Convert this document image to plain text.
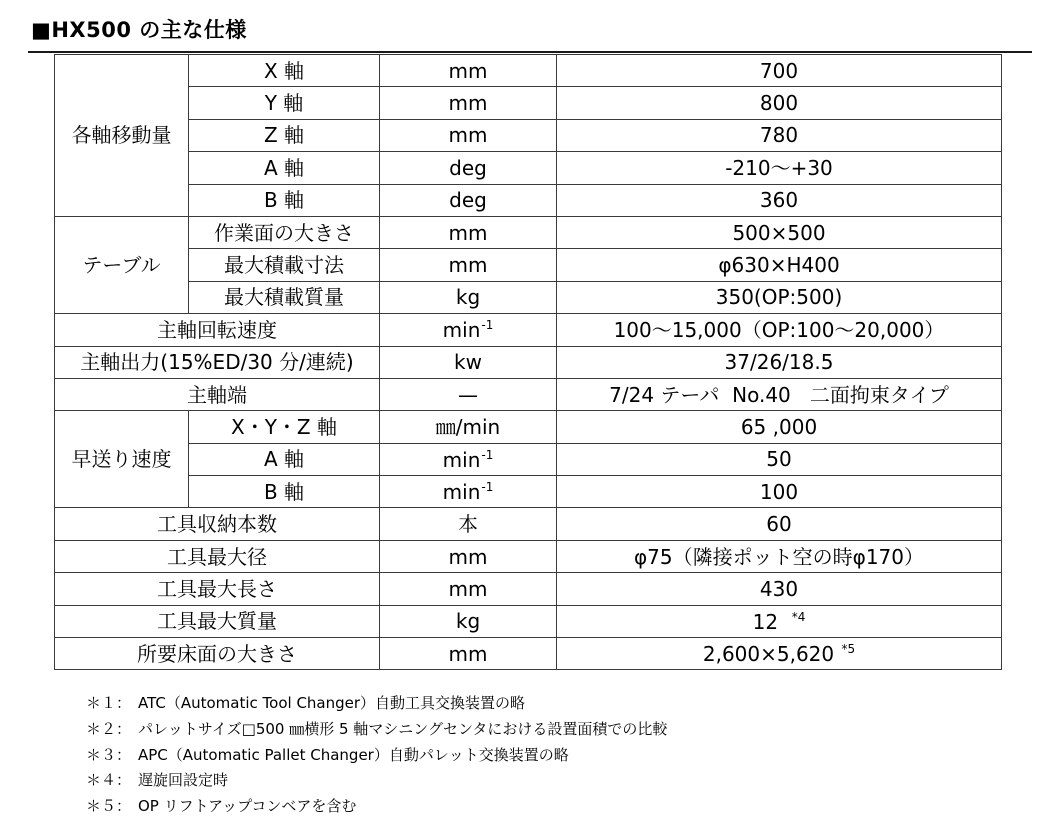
■HX500 の主な仕様
各軸移動量	X 軸	mm	700
	Y 軸	mm	800
	Z 軸	mm	780
	A 軸	deg	-210〜+30
	B 軸	deg	360
テーブル	作業面の大きさ	mm	500×500
	最大積載寸法	mm	φ630×H400
	最大積載質量	kg	350(OP:500)
主軸回転速度		$\min^{-1}$	100〜15,000（OP:100〜20,000）
主軸出力(15%ED/30 分/連続)		kw	37/26/18.5
主軸端		—	7/24 テーパ  No.40   二面拘束タイプ
早送り速度	X・Y・Z 軸	㎜/min	65 ,000
	A 軸	$\min^{-1}$	50
	B 軸	$\min^{-1}$	100
工具収納本数		本	60
工具最大径		mm	φ75（隣接ポット空の時φ170）
工具最大長さ		mm	430
工具最大質量		kg	12 $^{*4}$
所要床面の大きさ		mm	2,600×5,620 $^{*5}$
＊１： ATC（Automatic Tool Changer）自動工具交換装置の略
＊２： パレットサイズ□500 ㎜横形 5 軸マシニングセンタにおける設置面積での比較
＊３： APC（Automatic Pallet Changer）自動パレット交換装置の略
＊４： 遅旋回設定時
＊５： OP リフトアップコンベアを含む
